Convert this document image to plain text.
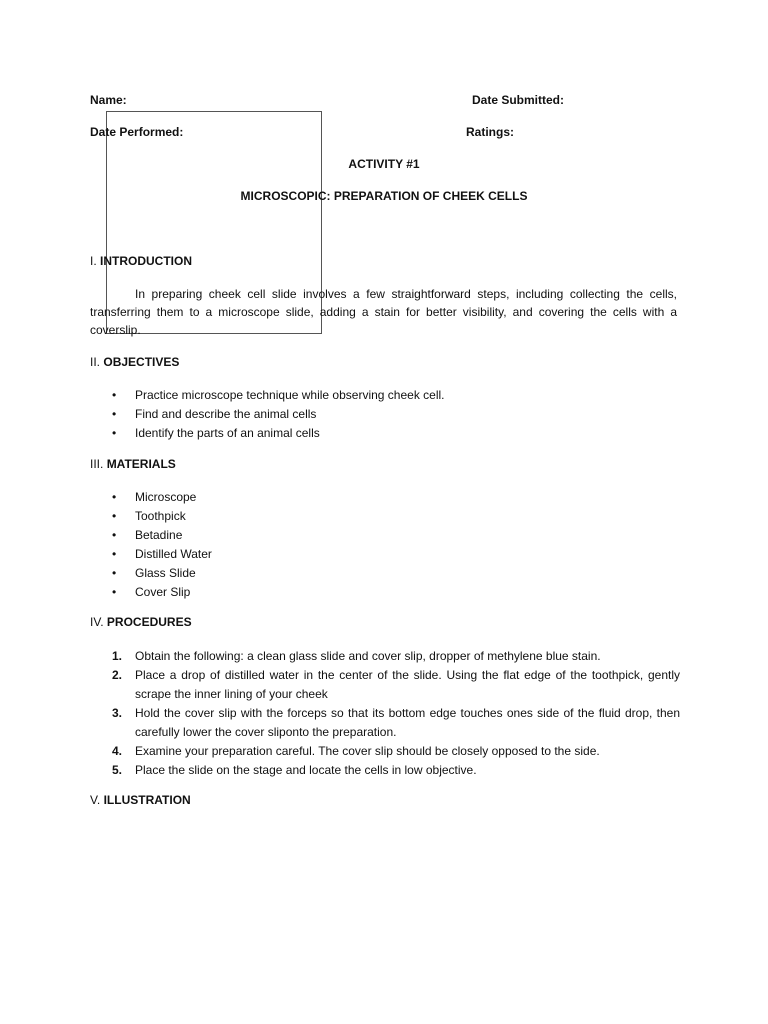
Name:	Date Submitted:
Date Performed:	Ratings:
ACTIVITY #1
MICROSCOPIC: PREPARATION OF CHEEK CELLS
I. INTRODUCTION
In preparing cheek cell slide involves a few straightforward steps, including collecting the cells, transferring them to a microscope slide, adding a stain for better visibility, and covering the cells with a coverslip.
II. OBJECTIVES
• Practice microscope technique while observing cheek cell.
• Find and describe the animal cells
• Identify the parts of an animal cells
III. MATERIALS
• Microscope
• Toothpick
• Betadine
• Distilled Water
• Glass Slide
• Cover Slip
IV. PROCEDURES
1. Obtain the following: a clean glass slide and cover slip, dropper of methylene blue stain.
2. Place a drop of distilled water in the center of the slide. Using the flat edge of the toothpick, gently scrape the inner lining of your cheek
3. Hold the cover slip with the forceps so that its bottom edge touches ones side of the fluid drop, then carefully lower the cover sliponto the preparation.
4. Examine your preparation careful. The cover slip should be closely opposed to the side.
5. Place the slide on the stage and locate the cells in low objective.
V. ILLUSTRATION
